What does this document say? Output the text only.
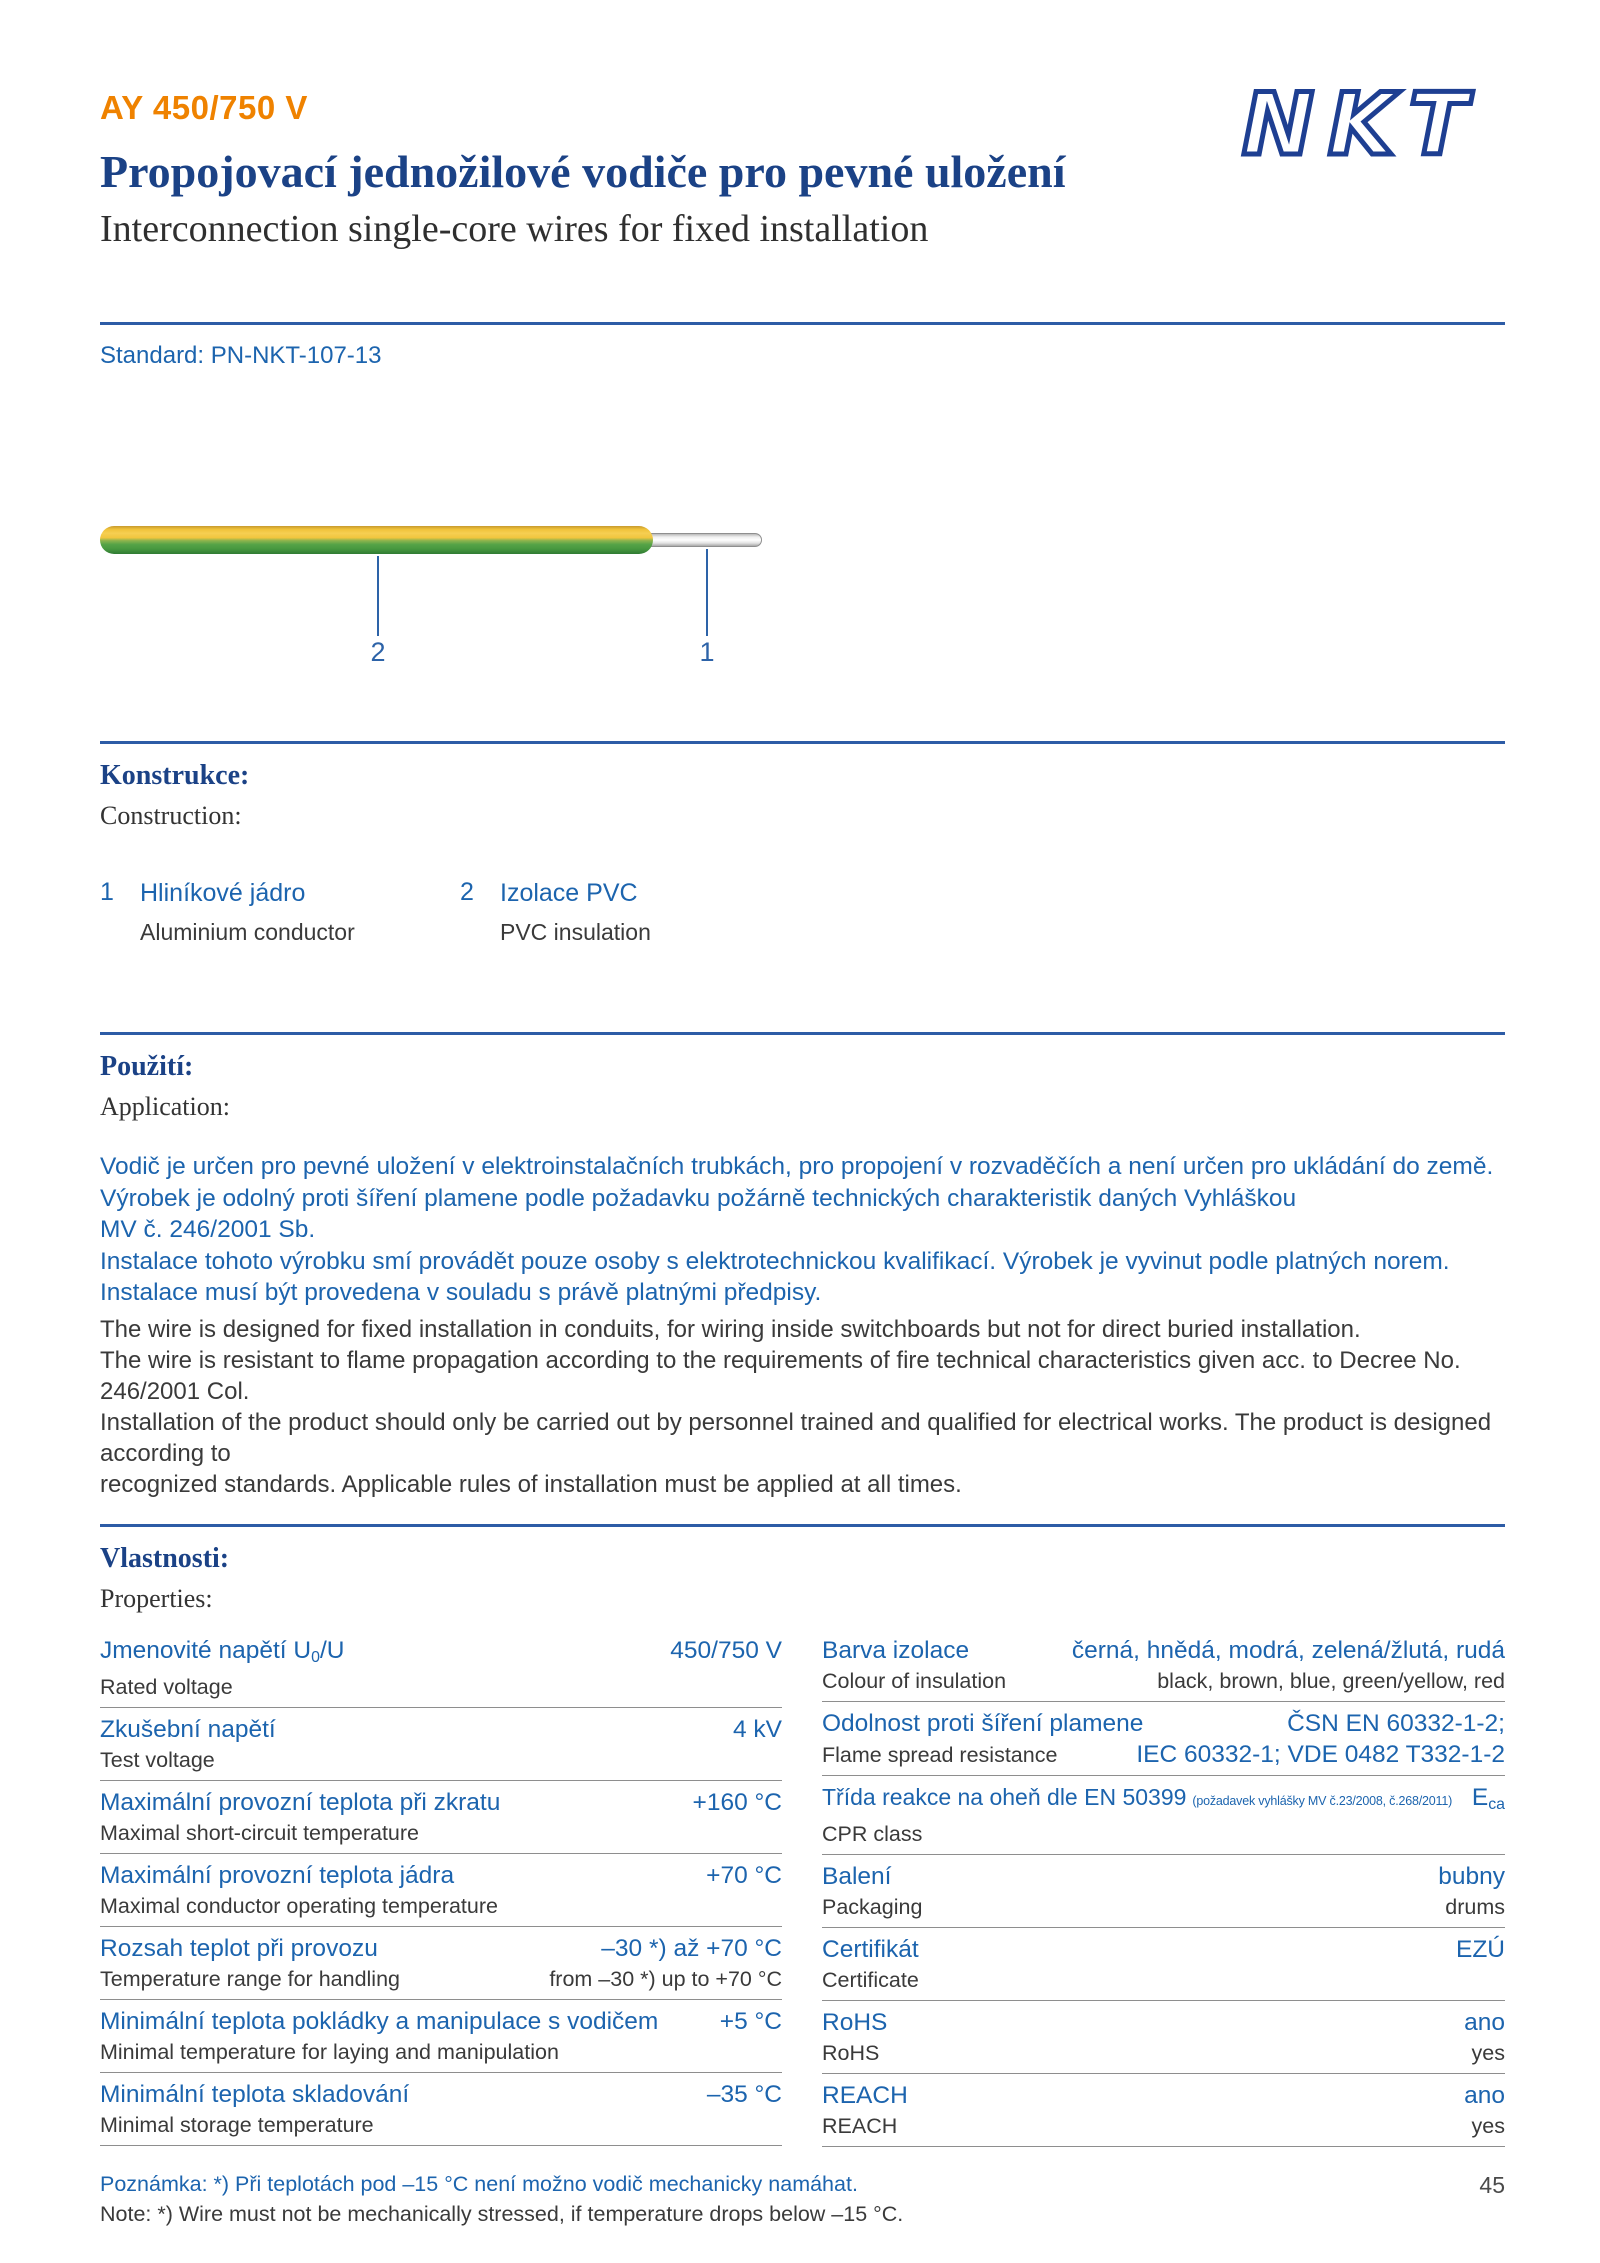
NKT
AY 450/750 V
Propojovací jednožilové vodiče pro pevné uložení
Interconnection single-core wires for fixed installation
Standard: PN-NKT-107-13
2	1
Konstrukce:
Construction:
1	Hliníkové jádro
Aluminium conductor
2	Izolace PVC
PVC insulation
Použití:
Application:
Vodič je určen pro pevné uložení v elektroinstalačních trubkách, pro propojení v rozvaděčích a není určen pro ukládání do země.
Výrobek je odolný proti šíření plamene podle požadavku požárně technických charakteristik daných Vyhláškou
MV č. 246/2001 Sb.
Instalace tohoto výrobku smí provádět pouze osoby s elektrotechnickou kvalifikací. Výrobek je vyvinut podle platných norem.
Instalace musí být provedena v souladu s právě platnými předpisy.
The wire is designed for fixed installation in conduits, for wiring inside switchboards but not for direct buried installation.
The wire is resistant to flame propagation according to the requirements of fire technical characteristics given acc. to Decree No. 246/2001 Col.
Installation of the product should only be carried out by personnel trained and qualified for electrical works. The product is designed according to
recognized standards. Applicable rules of installation must be applied at all times.
Vlastnosti:
Properties:
Jmenovité napětí $U_0/U$	450/750 V
Rated voltage
Zkušební napětí	4 kV
Test voltage
Maximální provozní teplota při zkratu	+160 °C
Maximal short-circuit temperature
Maximální provozní teplota jádra	+70 °C
Maximal conductor operating temperature
Rozsah teplot při provozu	–30 *) až +70 °C
Temperature range for handling	from –30 *) up to +70 °C
Minimální teplota pokládky a manipulace s vodičem	+5 °C
Minimal temperature for laying and manipulation
Minimální teplota skladování	–35 °C
Minimal storage temperature
Barva izolace	černá, hnědá, modrá, zelená/žlutá, rudá
Colour of insulation	black, brown, blue, green/yellow, red
Odolnost proti šíření plamene	ČSN EN 60332-1-2;
Flame spread resistance	IEC 60332-1; VDE 0482 T332-1-2
Třída reakce na oheň dle EN 50399 (požadavek vyhlášky MV č.23/2008, č.268/2011) $E_{ca}$
CPR class
Balení	bubny
Packaging	drums
Certifikát	EZÚ
Certificate
RoHS	ano
RoHS	yes
REACH	ano
REACH	yes
Poznámka: *) Při teplotách pod –15 °C není možno vodič mechanicky namáhat.
Note: *) Wire must not be mechanically stressed, if temperature drops below –15 °C.
45
